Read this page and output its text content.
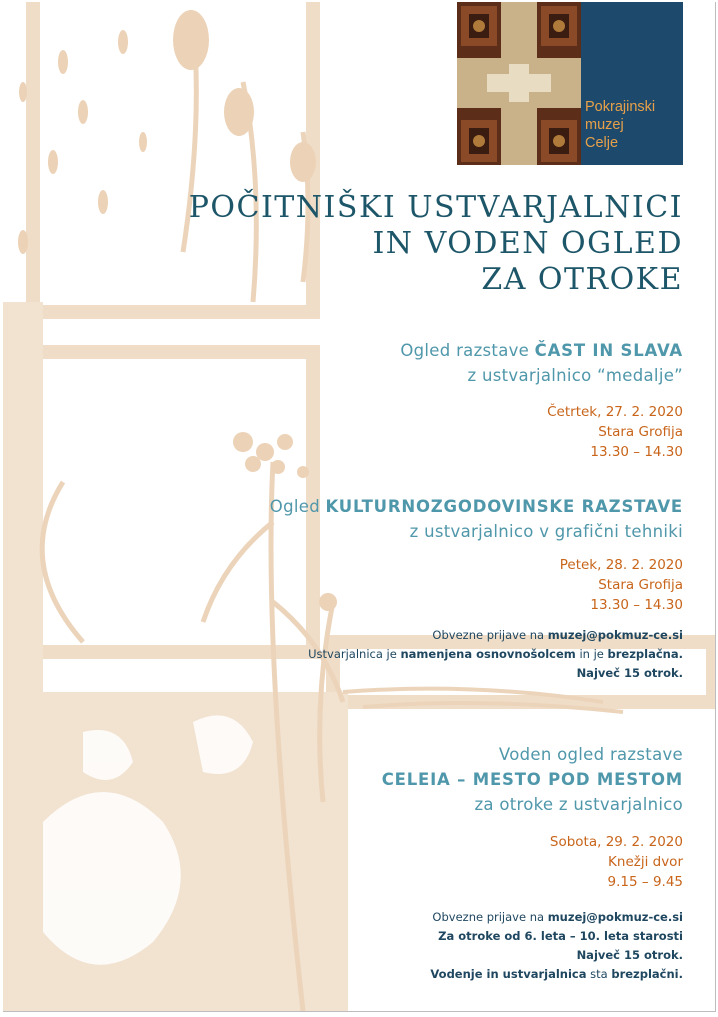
Pokrajinski
muzej
Celje
POČITNIŠKI USTVARJALNICI
IN VODEN OGLED
ZA OTROKE
Ogled razstave ČAST IN SLAVA
z ustvarjalnico “medalje”
Četrtek, 27. 2. 2020
Stara Grofija
13.30 – 14.30
Ogled KULTURNOZGODOVINSKE RAZSTAVE
z ustvarjalnico v grafični tehniki
Petek, 28. 2. 2020
Stara Grofija
13.30 – 14.30
Obvezne prijave na muzej@pokmuz-ce.si
Ustvarjalnica je namenjena osnovnošolcem in je brezplačna.
Največ 15 otrok.
Voden ogled razstave
CELEIA – MESTO POD MESTOM
za otroke z ustvarjalnico
Sobota, 29. 2. 2020
Knežji dvor
9.15 – 9.45
Obvezne prijave na muzej@pokmuz-ce.si
Za otroke od 6. leta – 10. leta starosti
Največ 15 otrok.
Vodenje in ustvarjalnica sta brezplačni.
